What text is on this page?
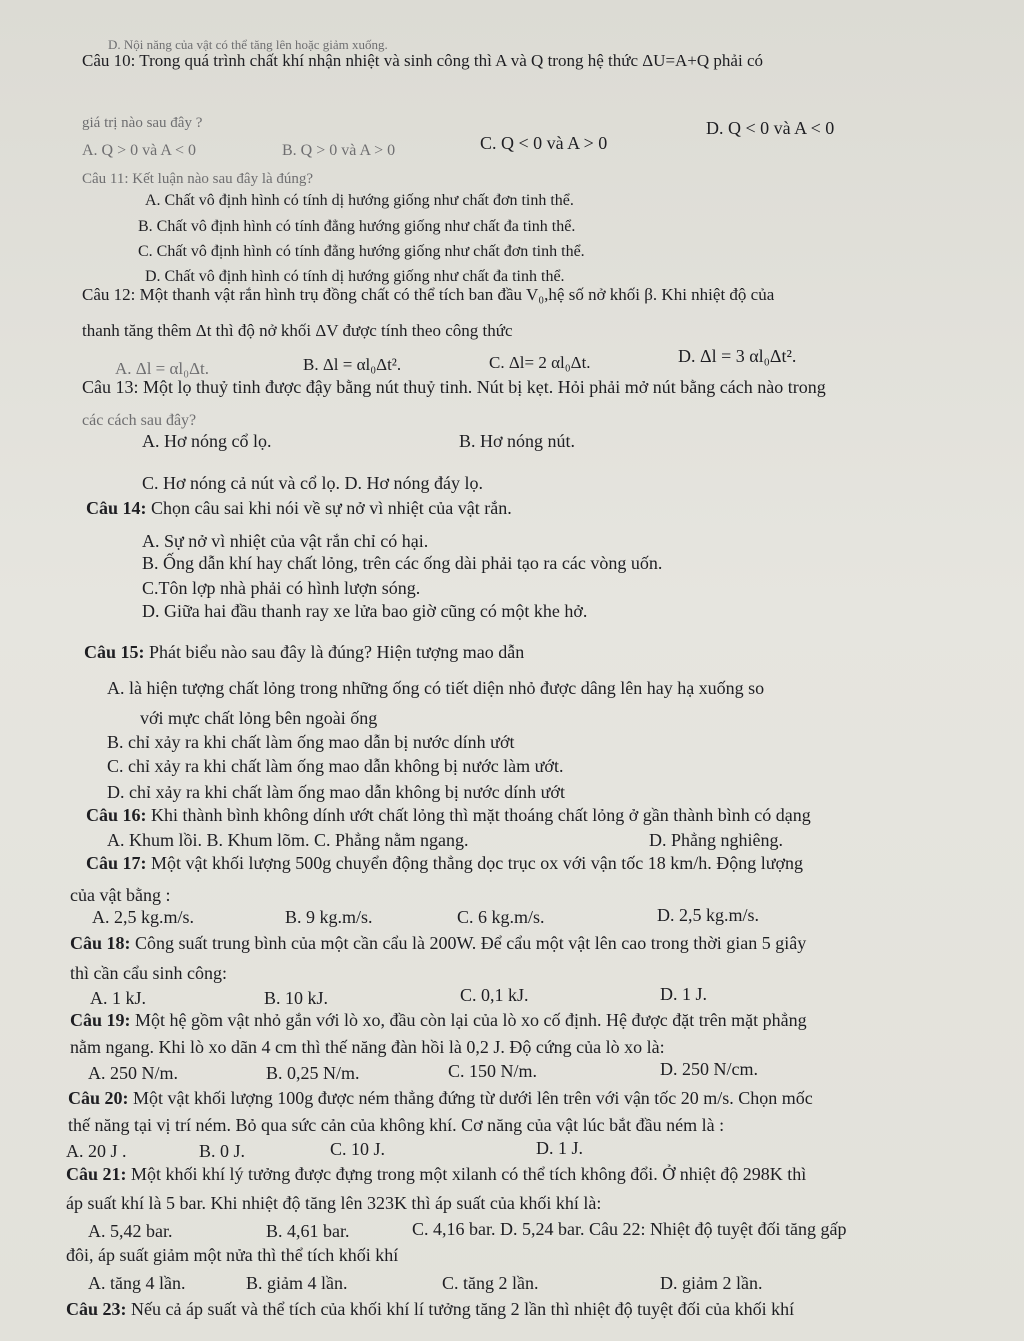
D. Nội năng của vật có thể tăng lên hoặc giảm xuống.
Câu 10: Trong quá trình chất khí nhận nhiệt và sinh công thì A và Q trong hệ thức ΔU=A+Q phải có
giá trị nào sau đây ?
A. Q > 0 và A < 0	B. Q > 0 và A > 0	C. Q < 0 và A > 0
D. Q < 0 và A < 0
Câu 11: Kết luận nào sau đây là đúng?
A. Chất vô định hình có tính dị hướng giống như chất đơn tinh thể.
B. Chất vô định hình có tính đẳng hướng giống như chất đa tinh thể.
C. Chất vô định hình có tính đẳng hướng giống như chất đơn tinh thể.
D. Chất vô định hình có tính dị hướng giống như chất đa tinh thể.
Câu 12: Một thanh vật rắn hình trụ đồng chất có thể tích ban đầu V₀,hệ số nở khối β. Khi nhiệt độ của
thanh tăng thêm Δt thì độ nở khối ΔV được tính theo công thức
A. Δl = αl₀Δt.	B. Δl = αl₀Δt².	C. Δl= 2 αl₀Δt.	D. Δl = 3 αl₀Δt².
Câu 13: Một lọ thuỷ tinh được đậy bằng nút thuỷ tinh. Nút bị kẹt. Hỏi phải mở nút bằng cách nào trong
các cách sau đây?
A. Hơ nóng cổ lọ.	B. Hơ nóng nút.
C. Hơ nóng cả nút và cổ lọ. D. Hơ nóng đáy lọ.
Câu 14: Chọn câu sai khi nói về sự nở vì nhiệt của vật rắn.
A. Sự nở vì nhiệt của vật rắn chỉ có hại.
B. Ống dẫn khí hay chất lỏng, trên các ống dài phải tạo ra các vòng uốn.
C.Tôn lợp nhà phải có hình lượn sóng.
D. Giữa hai đầu thanh ray xe lửa bao giờ cũng có một khe hở.
Câu 15: Phát biểu nào sau đây là đúng? Hiện tượng mao dẫn
A. là hiện tượng chất lỏng trong những ống có tiết diện nhỏ được dâng lên hay hạ xuống so
với mực chất lỏng bên ngoài ống
B. chỉ xảy ra khi chất làm ống mao dẫn bị nước dính ướt
C. chỉ xảy ra khi chất làm ống mao dẫn không bị nước làm ướt.
D. chỉ xảy ra khi chất làm ống mao dẫn không bị nước dính ướt
Câu 16: Khi thành bình không dính ướt chất lỏng thì mặt thoáng chất lỏng ở gần thành bình có dạng
A. Khum lồi. B. Khum lõm. C. Phẳng nằm ngang.	D. Phẳng nghiêng.
Câu 17: Một vật khối lượng 500g chuyển động thẳng dọc trục ox với vận tốc 18 km/h. Động lượng
của vật bằng :
A. 2,5 kg.m/s.	B. 9 kg.m/s.	C. 6 kg.m/s.	D. 2,5 kg.m/s.
Câu 18: Công suất trung bình của một cần cẩu là 200W. Để cẩu một vật lên cao trong thời gian 5 giây
thì cần cẩu sinh công:
A. 1 kJ.	B. 10 kJ.	C. 0,1 kJ.	D. 1 J.
Câu 19: Một hệ gồm vật nhỏ gắn với lò xo, đầu còn lại của lò xo cố định. Hệ được đặt trên mặt phẳng
nằm ngang. Khi lò xo dãn 4 cm thì thế năng đàn hồi là 0,2 J. Độ cứng của lò xo là:
A. 250 N/m.	B. 0,25 N/m.	C. 150 N/m.	D. 250 N/cm.
Câu 20: Một vật khối lượng 100g được ném thẳng đứng từ dưới lên trên với vận tốc 20 m/s. Chọn mốc
thế năng tại vị trí ném. Bỏ qua sức cản của không khí. Cơ năng của vật lúc bắt đầu ném là :
A. 20 J .	B. 0 J.	C. 10 J.	D. 1 J.
Câu 21: Một khối khí lý tưởng được đựng trong một xilanh có thể tích không đổi. Ở nhiệt độ 298K thì
áp suất khí là 5 bar. Khi nhiệt độ tăng lên 323K thì áp suất của khối khí là:
A. 5,42 bar.	B. 4,61 bar.	C. 4,16 bar. D. 5,24 bar. Câu 22: Nhiệt độ tuyệt đối tăng gấp
đôi, áp suất giảm một nửa thì thể tích khối khí
A. tăng 4 lần.	B. giảm 4 lần.	C. tăng 2 lần.	D. giảm 2 lần.
Câu 23: Nếu cả áp suất và thể tích của khối khí lí tưởng tăng 2 lần thì nhiệt độ tuyệt đối của khối khí
